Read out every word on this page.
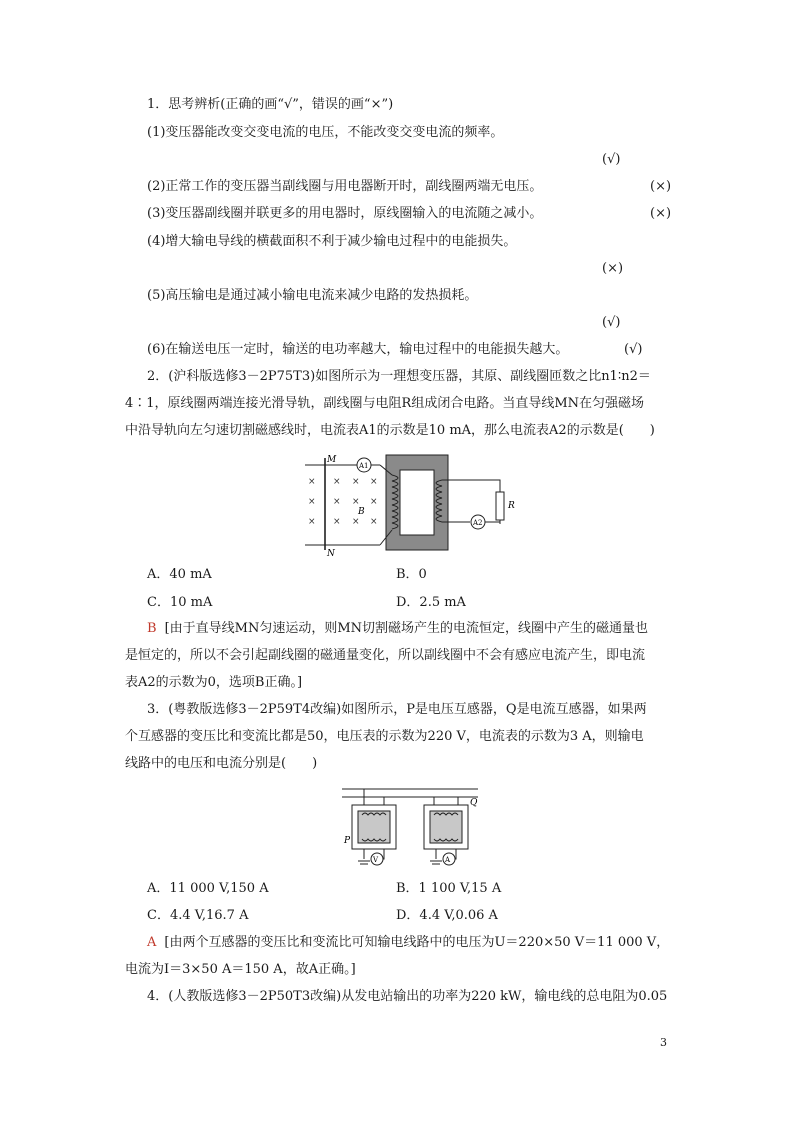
1．思考辨析(正确的画“√”，错误的画“×”)
(1)变压器能改变交变电流的电压，不能改变交变电流的频率。
(√)
(2)正常工作的变压器当副线圈与用电器断开时，副线圈两端无电压。	(×)
(3)变压器副线圈并联更多的用电器时，原线圈输入的电流随之减小。	(×)
(4)增大输电导线的横截面积不利于减少输电过程中的电能损失。
(×)
(5)高压输电是通过减小输电电流来减少电路的发热损耗。
(√)
(6)在输送电压一定时，输送的电功率越大，输电过程中的电能损失越大。	(√)
2．(沪科版选修3－2P75T3)如图所示为一理想变压器，其原、副线圈匝数之比n1∶n2＝
4∶1，原线圈两端连接光滑导轨，副线圈与电阻R组成闭合电路。当直导线MN在匀强磁场
中沿导轨向左匀速切割磁感线时，电流表A1的示数是10 mA，那么电流表A2的示数是(　　)
M
N
×
×
×
×
×
×
×
×
×
×
×
×
B
A1
R
A2
A．40 mA	B．0
C．10 mA	D．2.5 mA
B [由于直导线MN匀速运动，则MN切割磁场产生的电流恒定，线圈中产生的磁通量也
是恒定的，所以不会引起副线圈的磁通量变化，所以副线圈中不会有感应电流产生，即电流
表A2的示数为0，选项B正确。]
3．(粤教版选修3－2P59T4改编)如图所示，P是电压互感器，Q是电流互感器，如果两
个互感器的变压比和变流比都是50，电压表的示数为220 V，电流表的示数为3 A，则输电
线路中的电压和电流分别是(　　)
P
V
Q
A
A．11 000 V,150 A	B．1 100 V,15 A
C．4.4 V,16.7 A	D．4.4 V,0.06 A
A [由两个互感器的变压比和变流比可知输电线路中的电压为U＝220×50 V＝11 000 V，
电流为I＝3×50 A＝150 A，故A正确。]
4．(人教版选修3－2P50T3改编)从发电站输出的功率为220 kW，输电线的总电阻为0.05
3
